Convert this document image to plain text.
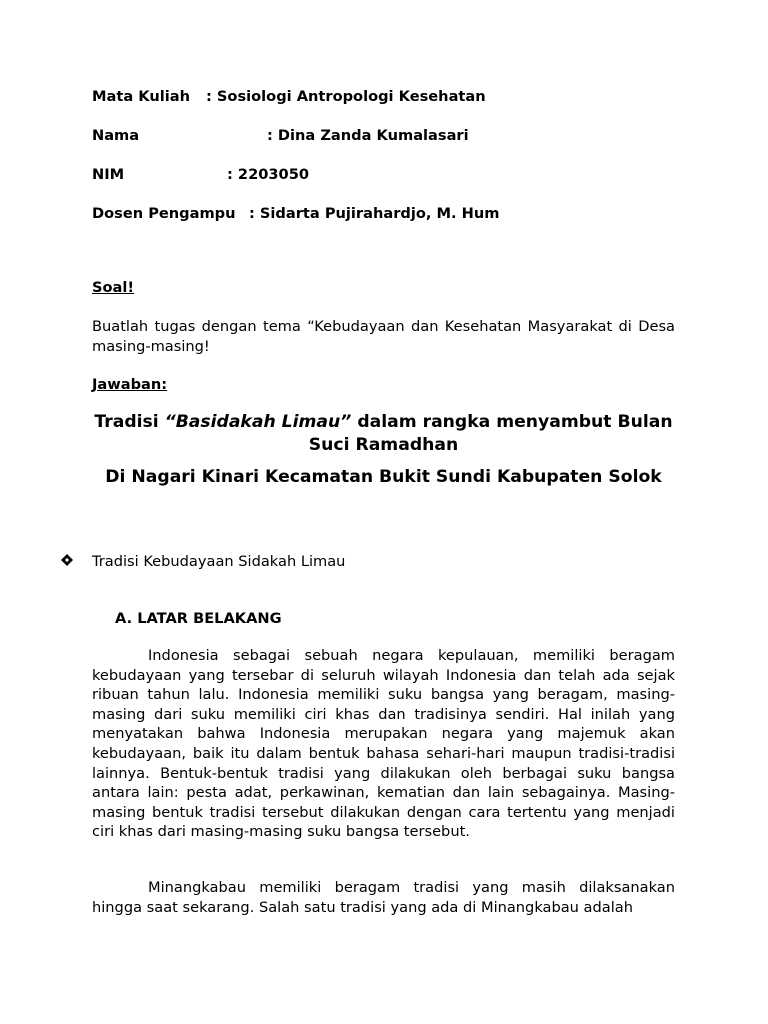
Mata Kuliah : Sosiologi Antropologi Kesehatan
Nama	: Dina Zanda Kumalasari
NIM	: 2203050
Dosen Pengampu : Sidarta Pujirahardjo, M. Hum
Soal!

Buatlah tugas dengan tema “Kebudayaan dan Kesehatan Masyarakat di Desa masing-masing!

Jawaban:

Tradisi “Basidakah Limau” dalam rangka menyambut Bulan Suci Ramadhan

Di Nagari Kinari Kecamatan Bukit Sundi Kabupaten Solok

Tradisi Kebudayaan Sidakah Limau
A. LATAR BELAKANG

Indonesia sebagai sebuah negara kepulauan, memiliki beragam kebudayaan yang tersebar di seluruh wilayah Indonesia dan telah ada sejak ribuan tahun lalu. Indonesia memiliki suku bangsa yang beragam, masing-masing dari suku memiliki ciri khas dan tradisinya sendiri. Hal inilah yang menyatakan bahwa Indonesia merupakan negara yang majemuk akan kebudayaan, baik itu dalam bentuk bahasa sehari-hari maupun tradisi-tradisi lainnya. Bentuk-bentuk tradisi yang dilakukan oleh berbagai suku bangsa antara lain: pesta adat, perkawinan, kematian dan lain sebagainya. Masing-masing bentuk tradisi tersebut dilakukan dengan cara tertentu yang menjadi ciri khas dari masing-masing suku bangsa tersebut.

Minangkabau memiliki beragam tradisi yang masih dilaksanakan hingga saat sekarang. Salah satu tradisi yang ada di Minangkabau adalah
